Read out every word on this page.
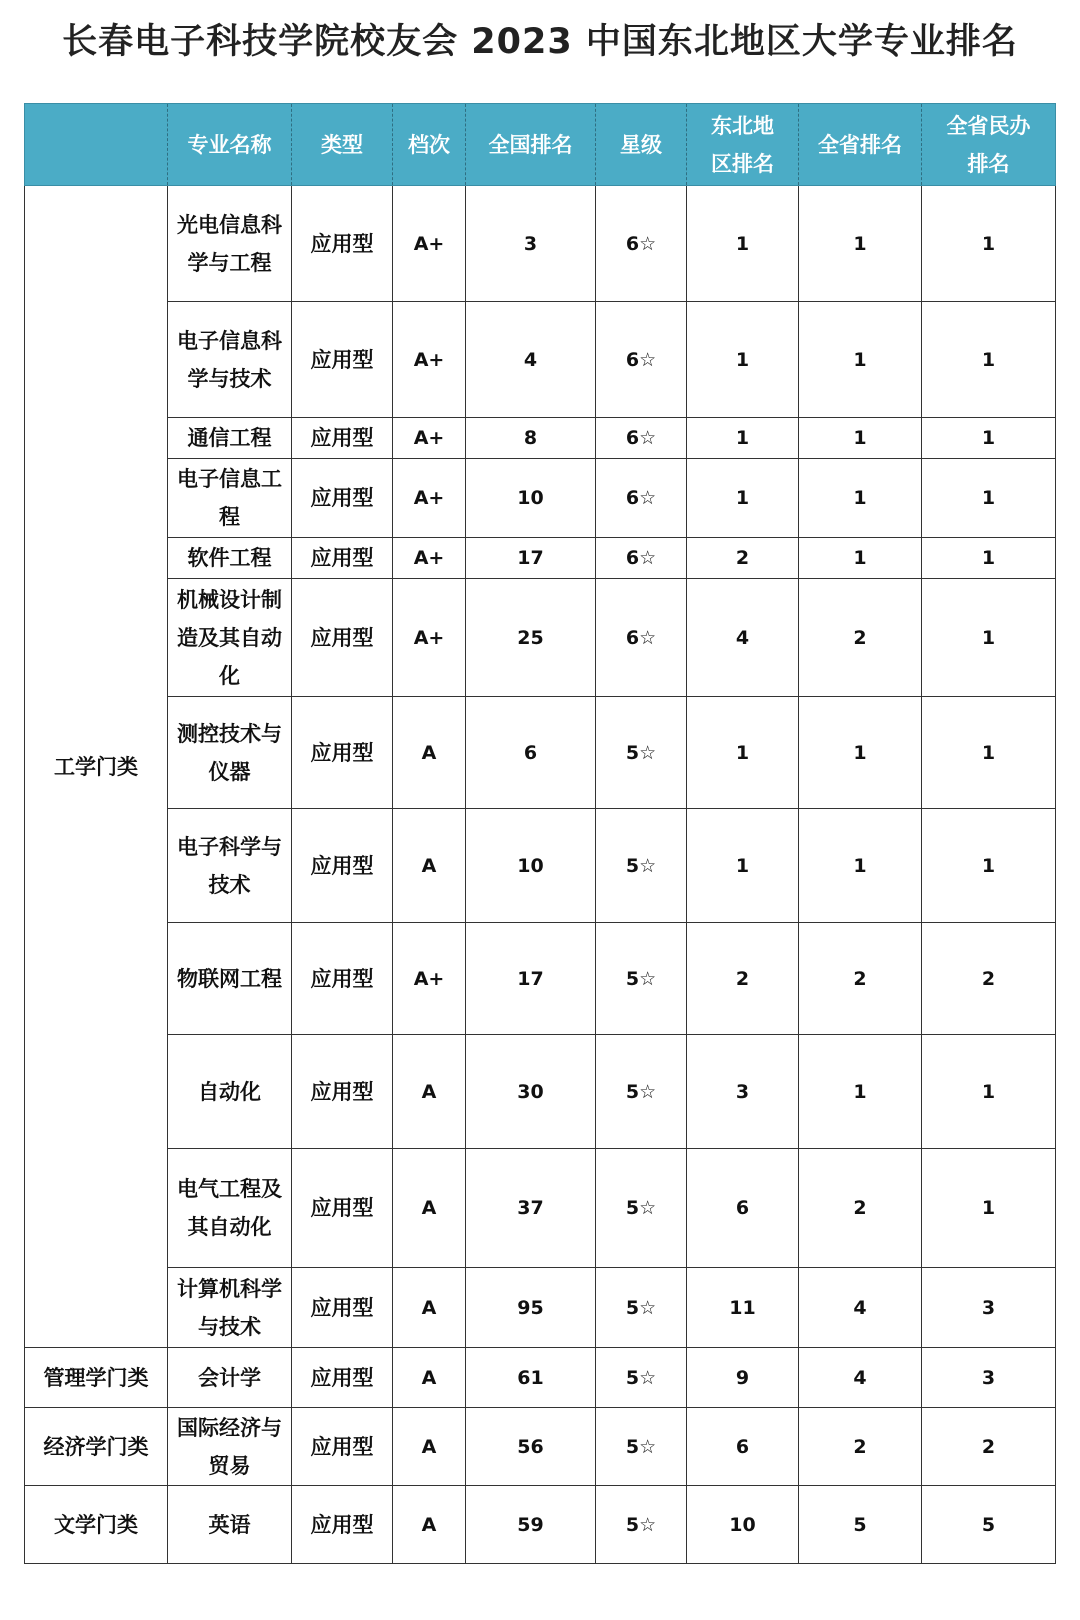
长春电子科技学院校友会 2023 中国东北地区大学专业排名
	专业名称	类型	档次	全国排名	星级	东北地区排名	全省排名	全省民办排名
工学门类	光电信息科学与工程	应用型	A+	3	6☆	1	1	1
	电子信息科学与技术	应用型	A+	4	6☆	1	1	1
	通信工程	应用型	A+	8	6☆	1	1	1
	电子信息工程	应用型	A+	10	6☆	1	1	1
	软件工程	应用型	A+	17	6☆	2	1	1
	机械设计制造及其自动化	应用型	A+	25	6☆	4	2	1
	测控技术与仪器	应用型	A	6	5☆	1	1	1
	电子科学与技术	应用型	A	10	5☆	1	1	1
	物联网工程	应用型	A+	17	5☆	2	2	2
	自动化	应用型	A	30	5☆	3	1	1
	电气工程及其自动化	应用型	A	37	5☆	6	2	1
	计算机科学与技术	应用型	A	95	5☆	11	4	3
管理学门类	会计学	应用型	A	61	5☆	9	4	3
经济学门类	国际经济与贸易	应用型	A	56	5☆	6	2	2
文学门类	英语	应用型	A	59	5☆	10	5	5
